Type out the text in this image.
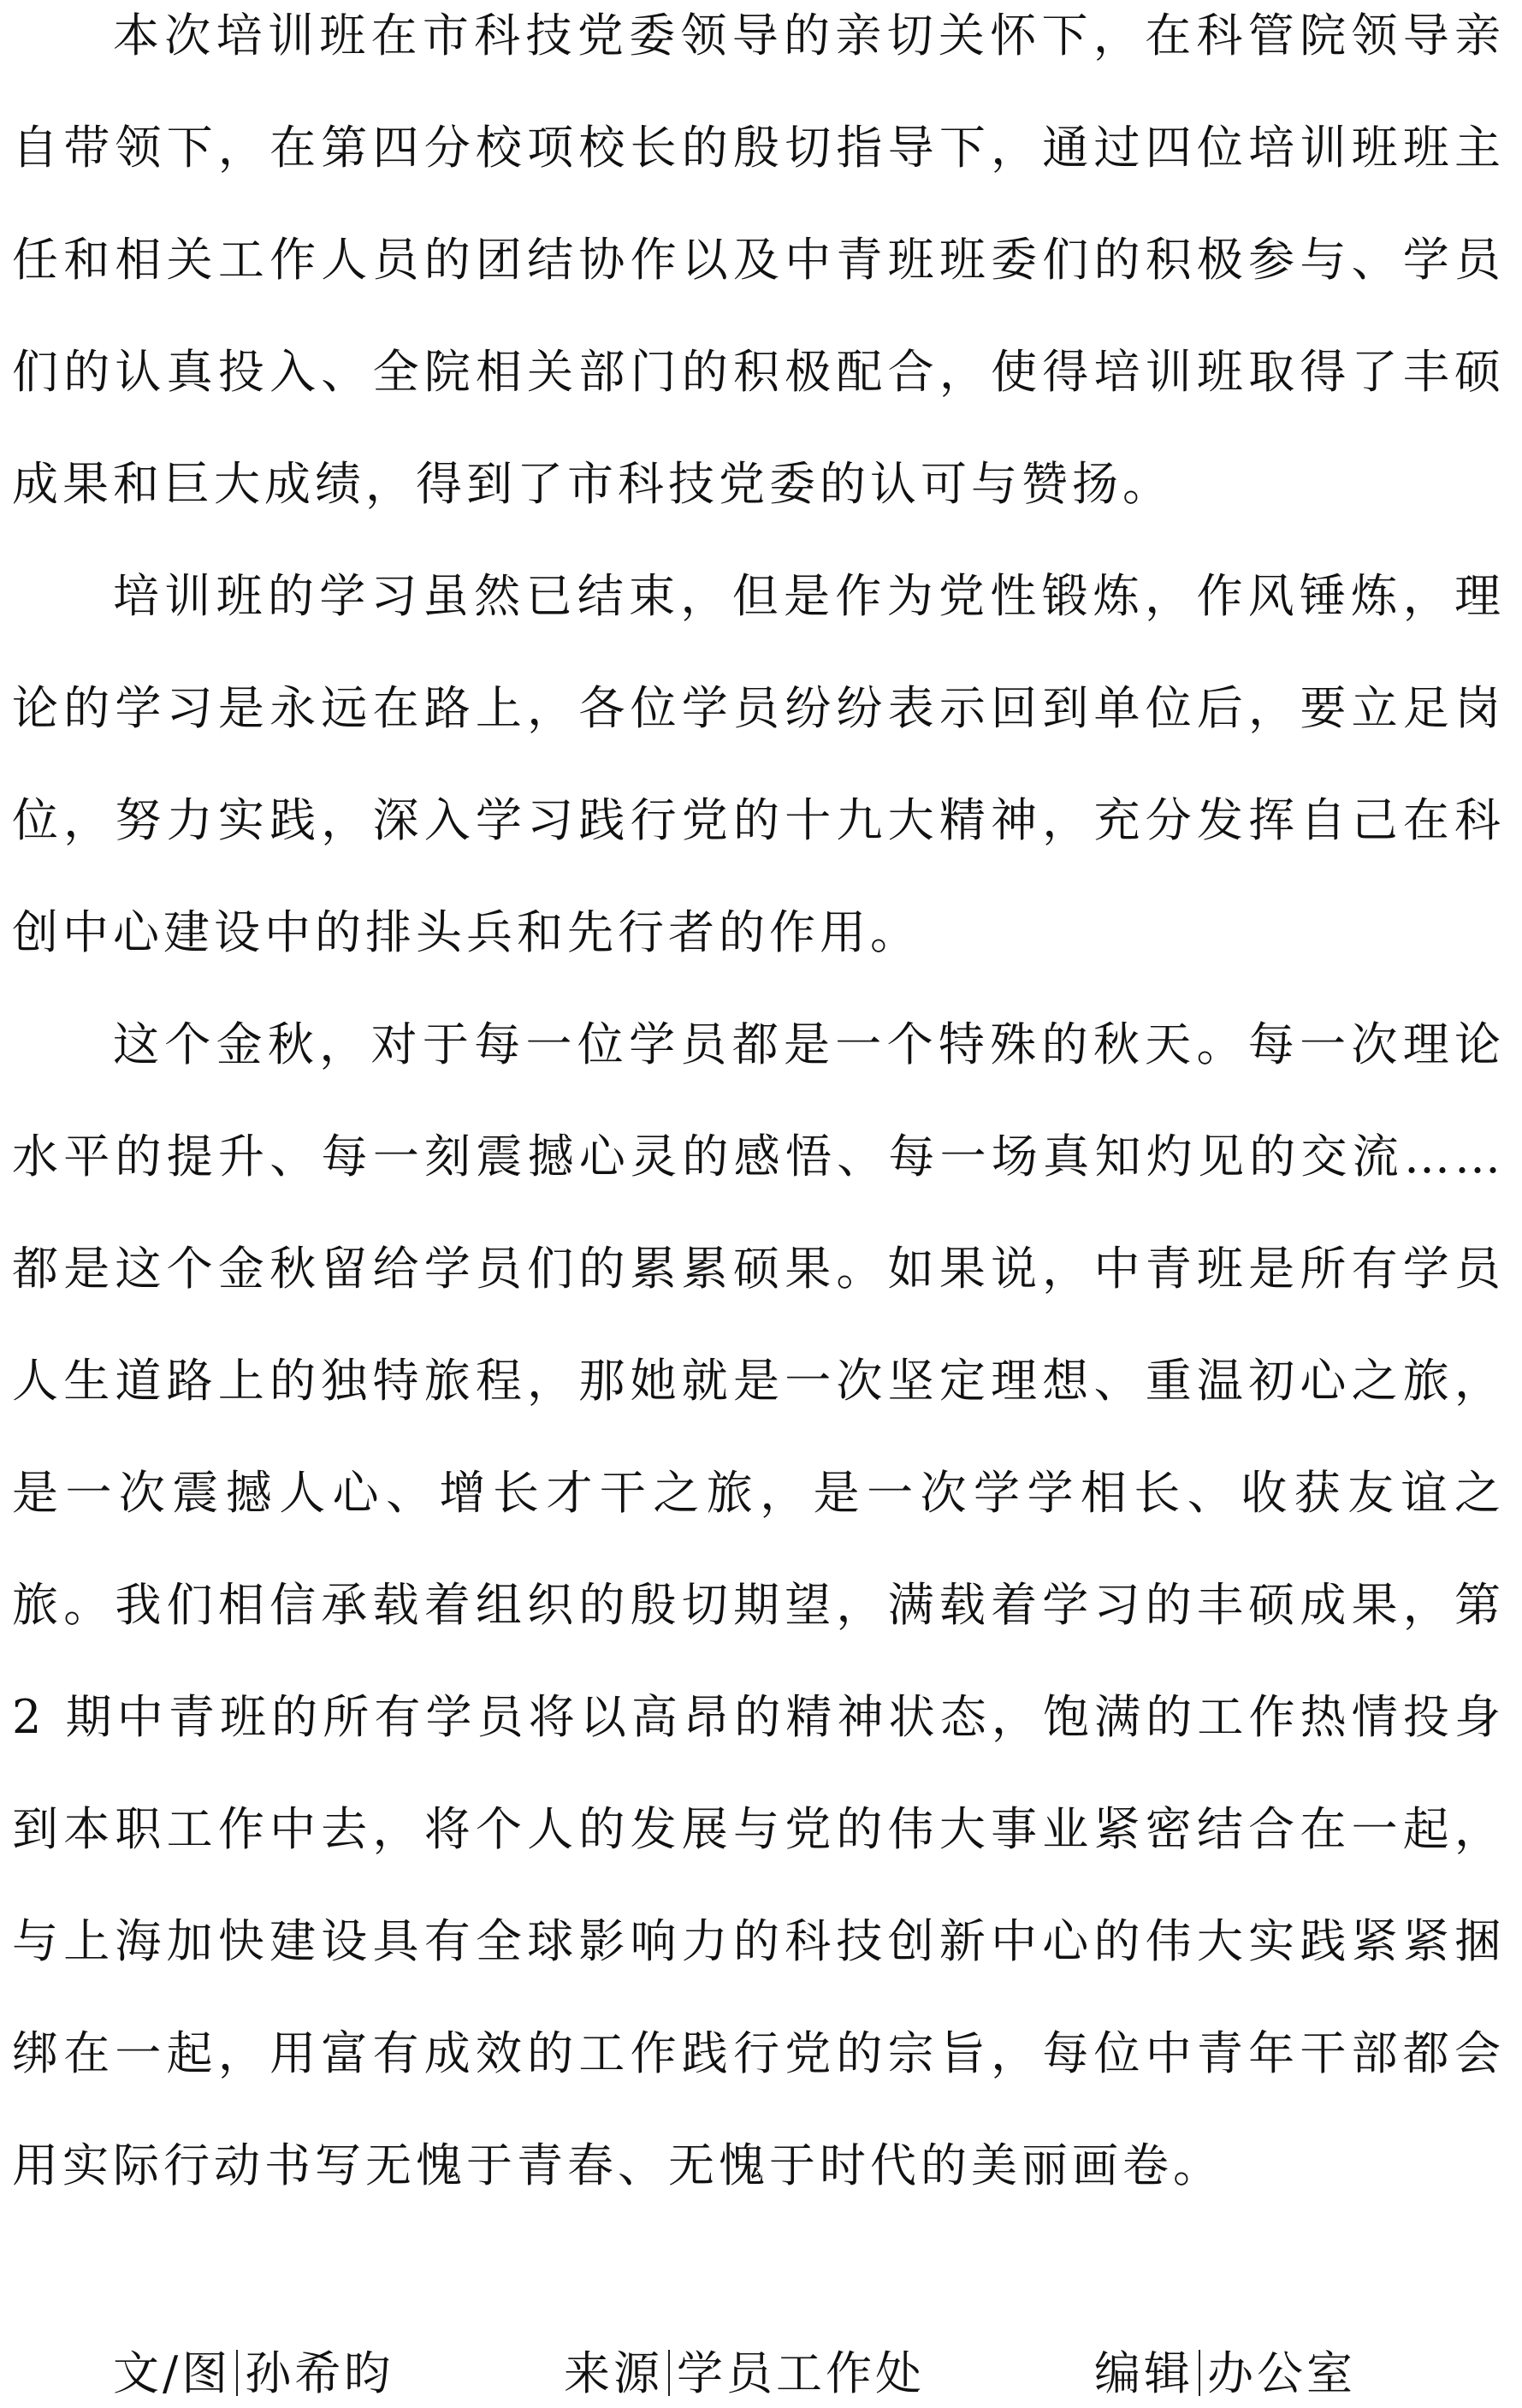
本次培训班在市科技党委领导的亲切关怀下，在科管院领导亲自带领下，在第四分校项校长的殷切指导下，通过四位培训班班主任和相关工作人员的团结协作以及中青班班委们的积极参与、学员们的认真投入、全院相关部门的积极配合，使得培训班取得了丰硕成果和巨大成绩，得到了市科技党委的认可与赞扬。

培训班的学习虽然已结束，但是作为党性锻炼，作风锤炼，理论的学习是永远在路上，各位学员纷纷表示回到单位后，要立足岗位，努力实践，深入学习践行党的十九大精神，充分发挥自己在科创中心建设中的排头兵和先行者的作用。

这个金秋，对于每一位学员都是一个特殊的秋天。每一次理论水平的提升、每一刻震撼心灵的感悟、每一场真知灼见的交流……都是这个金秋留给学员们的累累硕果。如果说，中青班是所有学员人生道路上的独特旅程，那她就是一次坚定理想、重温初心之旅，是一次震撼人心、增长才干之旅，是一次学学相长、收获友谊之旅。我们相信承载着组织的殷切期望，满载着学习的丰硕成果，第 2 期中青班的所有学员将以高昂的精神状态，饱满的工作热情投身到本职工作中去，将个人的发展与党的伟大事业紧密结合在一起，与上海加快建设具有全球影响力的科技创新中心的伟大实践紧紧捆绑在一起，用富有成效的工作践行党的宗旨，每位中青年干部都会用实际行动书写无愧于青春、无愧于时代的美丽画卷。

文/图 孙希昀	来源 学员工作处	编辑 办公室
